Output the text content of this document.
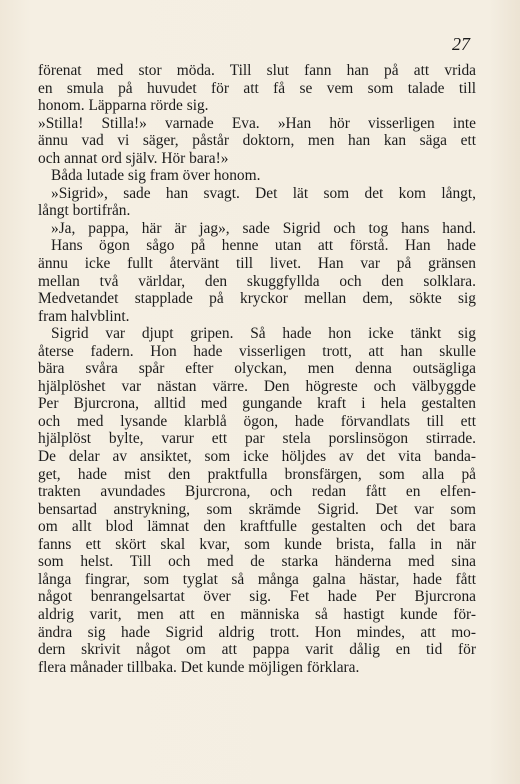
27
förenat med stor möda. Till slut fann han på att vrida
en smula på huvudet för att få se vem som talade till
honom. Läpparna rörde sig.
»Stilla! Stilla!» varnade Eva. »Han hör visserligen inte
ännu vad vi säger, påstår doktorn, men han kan säga ett
och annat ord själv. Hör bara!»
Båda lutade sig fram över honom.
»Sigrid», sade han svagt. Det lät som det kom långt,
långt bortifrån.
»Ja, pappa, här är jag», sade Sigrid och tog hans hand.
Hans ögon sågo på henne utan att förstå. Han hade
ännu icke fullt återvänt till livet. Han var på gränsen
mellan två världar, den skuggfyllda och den solklara.
Medvetandet stapplade på kryckor mellan dem, sökte sig
fram halvblint.
Sigrid var djupt gripen. Så hade hon icke tänkt sig
återse fadern. Hon hade visserligen trott, att han skulle
bära svåra spår efter olyckan, men denna outsägliga
hjälplöshet var nästan värre. Den högreste och välbyggde
Per Bjurcrona, alltid med gungande kraft i hela gestalten
och med lysande klarblå ögon, hade förvandlats till ett
hjälplöst bylte, varur ett par stela porslinsögon stirrade.
De delar av ansiktet, som icke höljdes av det vita banda-
get, hade mist den praktfulla bronsfärgen, som alla på
trakten avundades Bjurcrona, och redan fått en elfen-
bensartad anstrykning, som skrämde Sigrid. Det var som
om allt blod lämnat den kraftfulle gestalten och det bara
fanns ett skört skal kvar, som kunde brista, falla in när
som helst. Till och med de starka händerna med sina
långa fingrar, som tyglat så många galna hästar, hade fått
något benrangelsartat över sig. Fet hade Per Bjurcrona
aldrig varit, men att en människa så hastigt kunde för-
ändra sig hade Sigrid aldrig trott. Hon mindes, att mo-
dern skrivit något om att pappa varit dålig en tid för
flera månader tillbaka. Det kunde möjligen förklara.
